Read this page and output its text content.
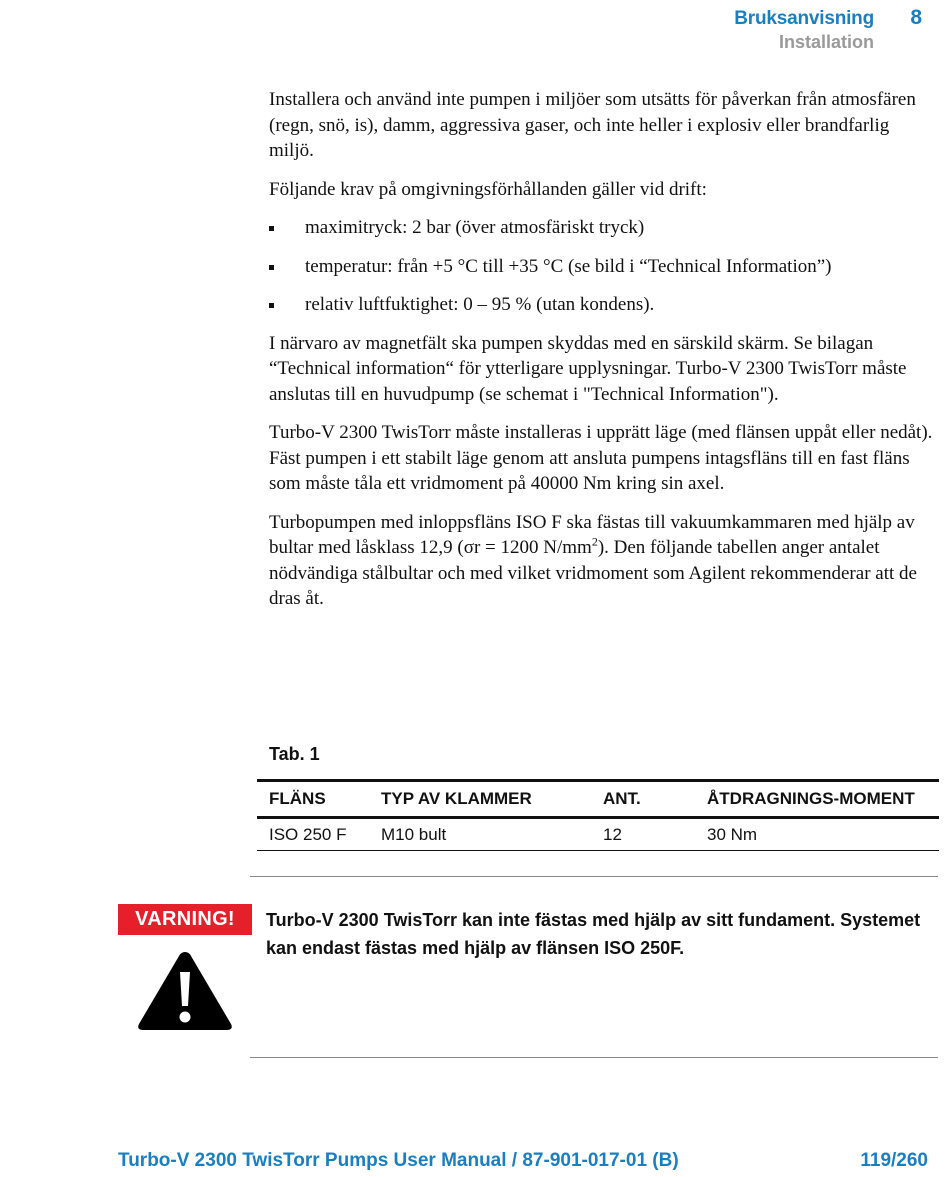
Bruksanvisning 8
Installation

Installera och använd inte pumpen i miljöer som utsätts för påverkan från atmosfären (regn, snö, is), damm, aggressiva gaser, och inte heller i explosiv eller brandfarlig miljö.

Följande krav på omgivningsförhållanden gäller vid drift:

maximitryck: 2 bar (över atmosfäriskt tryck)
temperatur: från +5 °C till +35 °C (se bild i “Technical Information”)
relativ luftfuktighet: 0 – 95 % (utan kondens).

I närvaro av magnetfält ska pumpen skyddas med en särskild skärm. Se bilagan “Technical information“ för ytterligare upplysningar. Turbo-V 2300 TwisTorr måste anslutas till en huvudpump (se schemat i "Technical Information").

Turbo-V 2300 TwisTorr måste installeras i upprätt läge (med flänsen uppåt eller nedåt). Fäst pumpen i ett stabilt läge genom att ansluta pumpens intagsfläns till en fast fläns som måste tåla ett vridmoment på 40000 Nm kring sin axel.

Turbopumpen med inloppsfläns ISO F ska fästas till vakuumkammaren med hjälp av bultar med låsklass 12,9 (σr = 1200 $N/mm^2$). Den följande tabellen anger antalet nödvändiga stålbultar och med vilket vridmoment som Agilent rekommenderar att de dras åt.

Tab. 1
FLÄNS	TYP AV KLAMMER	ANT.	ÅTDRAGNINGS-MOMENT
ISO 250 F	M10 bult	12	30 Nm
VARNING!	Turbo-V 2300 TwisTorr kan inte fästas med hjälp av sitt fundament. Systemet kan endast fästas med hjälp av flänsen ISO 250F.
Turbo-V 2300 TwisTorr Pumps User Manual / 87-901-017-01 (B)	119/260
